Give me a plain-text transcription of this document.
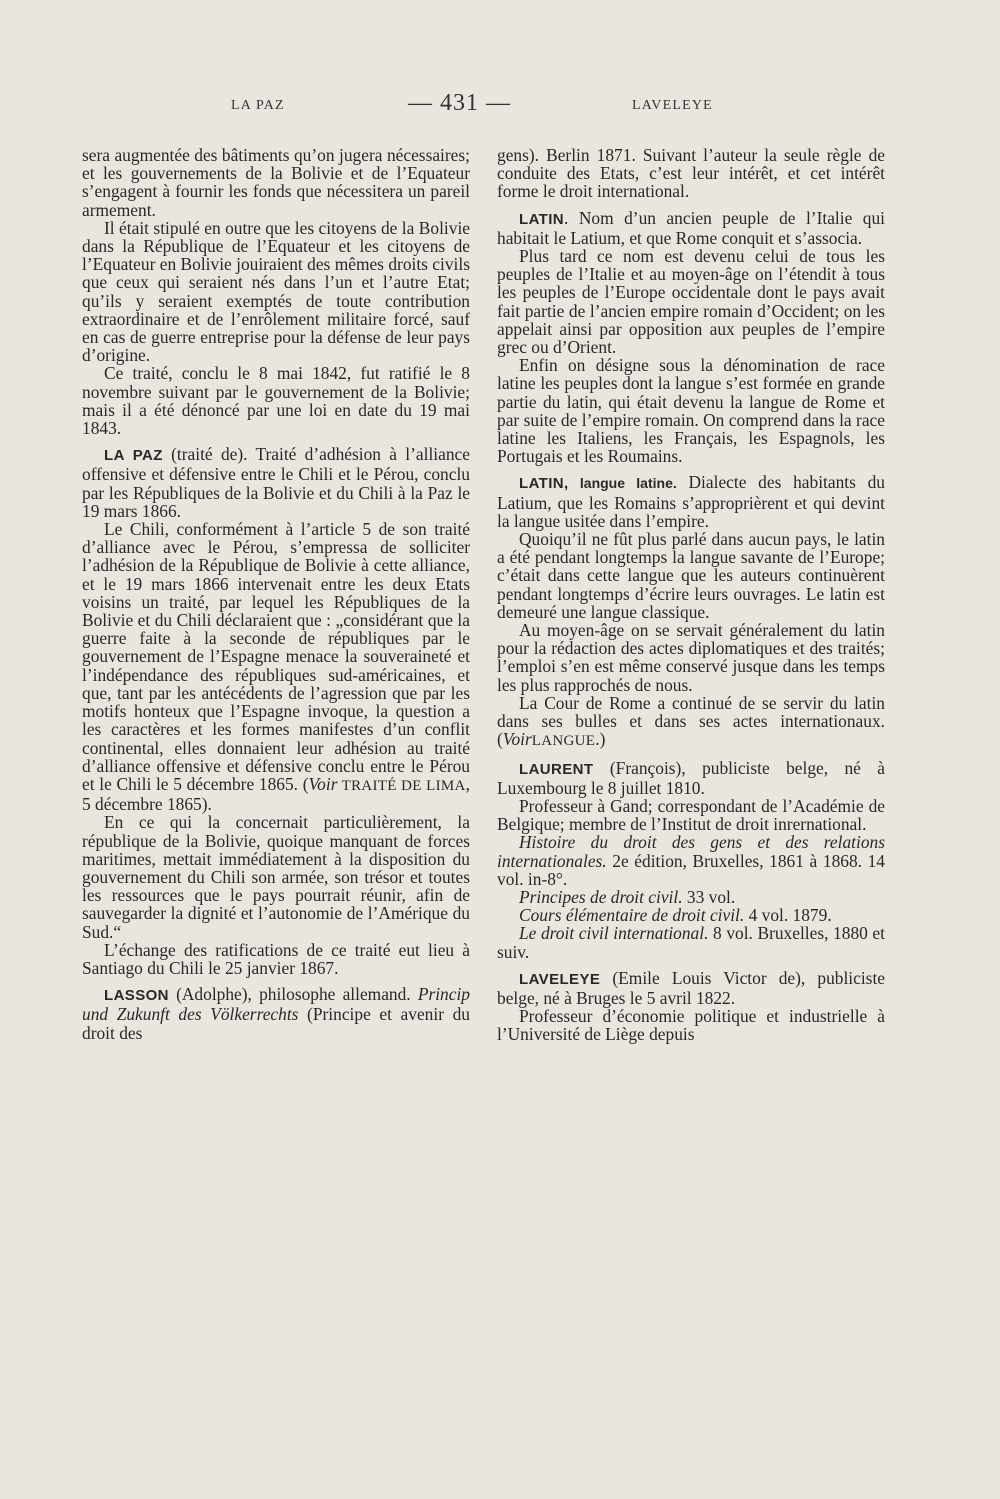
LA PAZ	— 431 —	LAVELEYE

sera augmentée des bâtiments qu’on jugera nécessaires; et les gouvernements de la Bolivie et de l’Equateur s’engagent à fournir les fonds que nécessitera un pareil armement.

Il était stipulé en outre que les citoyens de la Bolivie dans la République de l’Equateur et les citoyens de l’Equateur en Bolivie jouiraient des mêmes droits civils que ceux qui seraient nés dans l’un et l’autre Etat; qu’ils y seraient exemptés de toute contribution extraordinaire et de l’enrôlement militaire forcé, sauf en cas de guerre entreprise pour la défense de leur pays d’origine.

Ce traité, conclu le 8 mai 1842, fut ratifié le 8 novembre suivant par le gouvernement de la Bolivie; mais il a été dénoncé par une loi en date du 19 mai 1843.

LA PAZ (traité de). Traité d’adhésion à l’alliance offensive et défensive entre le Chili et le Pérou, conclu par les Républiques de la Bolivie et du Chili à la Paz le 19 mars 1866.

Le Chili, conformément à l’article 5 de son traité d’alliance avec le Pérou, s’empressa de solliciter l’adhésion de la République de Bolivie à cette alliance, et le 19 mars 1866 intervenait entre les deux Etats voisins un traité, par lequel les Républiques de la Bolivie et du Chili déclaraient que : „considérant que la guerre faite à la seconde de républiques par le gouvernement de l’Espagne menace la souveraineté et l’indépendance des républiques sud-américaines, et que, tant par les antécédents de l’agression que par les motifs honteux que l’Espagne invoque, la question a les caractères et les formes manifestes d’un conflit continental, elles donnaient leur adhésion au traité d’alliance offensive et défensive conclu entre le Pérou et le Chili le 5 décembre 1865. (Voir TRAITÉ DE LIMA, 5 décembre 1865).

En ce qui la concernait particulièrement, la république de la Bolivie, quoique manquant de forces maritimes, mettait immédiatement à la disposition du gouvernement du Chili son armée, son trésor et toutes les ressources que le pays pourrait réunir, afin de sauvegarder la dignité et l’autonomie de l’Amérique du Sud.“

L’échange des ratifications de ce traité eut lieu à Santiago du Chili le 25 janvier 1867.

LASSON (Adolphe), philosophe allemand. Princip und Zukunft des Völkerrechts (Principe et avenir du droit des

gens). Berlin 1871. Suivant l’auteur la seule règle de conduite des Etats, c’est leur intérêt, et cet intérêt forme le droit international.

LATIN. Nom d’un ancien peuple de l’Italie qui habitait le Latium, et que Rome conquit et s’associa.

Plus tard ce nom est devenu celui de tous les peuples de l’Italie et au moyen-âge on l’étendit à tous les peuples de l’Europe occidentale dont le pays avait fait partie de l’ancien empire romain d’Occident; on les appelait ainsi par opposition aux peuples de l’empire grec ou d’Orient.

Enfin on désigne sous la dénomination de race latine les peuples dont la langue s’est formée en grande partie du latin, qui était devenu la langue de Rome et par suite de l’empire romain. On comprend dans la race latine les Italiens, les Français, les Espagnols, les Portugais et les Roumains.

LATIN, langue latine. Dialecte des habitants du Latium, que les Romains s’approprièrent et qui devint la langue usitée dans l’empire.

Quoiqu’il ne fût plus parlé dans aucun pays, le latin a été pendant longtemps la langue savante de l’Europe; c’était dans cette langue que les auteurs continuèrent pendant longtemps d’écrire leurs ouvrages. Le latin est demeuré une langue classique.

Au moyen-âge on se servait généralement du latin pour la rédaction des actes diplomatiques et des traités; l’emploi s’en est même conservé jusque dans les temps les plus rapprochés de nous.

La Cour de Rome a continué de se servir du latin dans ses bulles et dans ses actes internationaux. (VoirLANGUE.)

LAURENT (François), publiciste belge, né à Luxembourg le 8 juillet 1810.

Professeur à Gand; correspondant de l’Académie de Belgique; membre de l’Institut de droit inrernational.

Histoire du droit des gens et des relations internationales. 2e édition, Bruxelles, 1861 à 1868. 14 vol. in-8°.

Principes de droit civil. 33 vol.

Cours élémentaire de droit civil. 4 vol. 1879.

Le droit civil international. 8 vol. Bruxelles, 1880 et suiv.

LAVELEYE (Emile Louis Victor de), publiciste belge, né à Bruges le 5 avril 1822.

Professeur d’économie politique et industrielle à l’Université de Liège depuis
